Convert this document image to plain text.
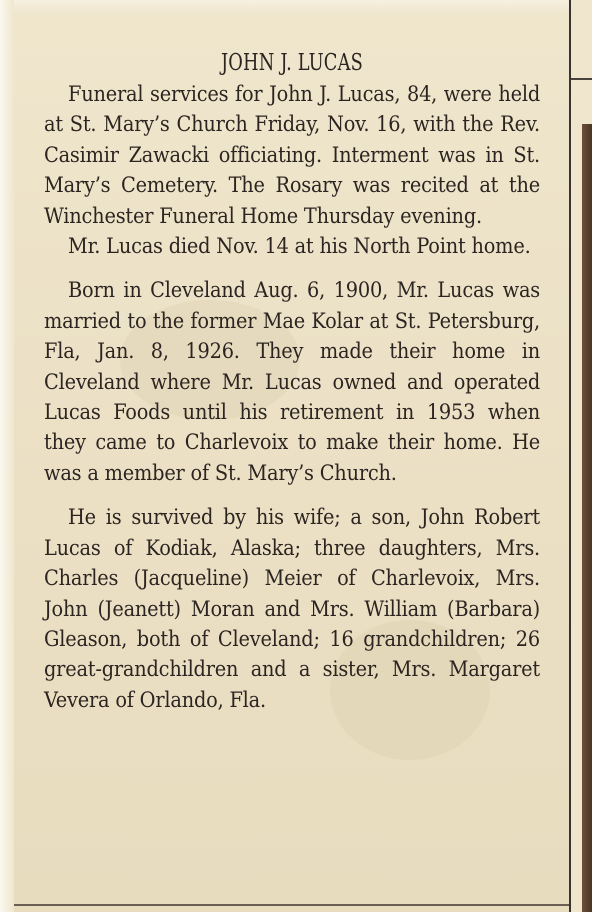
JOHN J. LUCAS

Funeral services for John J. Lucas, 84, were held at St. Mary’s Church Friday, Nov. 16, with the Rev. Casimir Zawacki officiating. Interment was in St. Mary’s Cemetery. The Rosary was recited at the Winchester Funeral Home Thursday evening.

Mr. Lucas died Nov. 14 at his North Point home.

Born in Cleveland Aug. 6, 1900, Mr. Lucas was married to the former Mae Kolar at St. Petersburg, Fla, Jan. 8, 1926. They made their home in Cleveland where Mr. Lucas owned and operated Lucas Foods until his retirement in 1953 when they came to Charlevoix to make their home. He was a member of St. Mary’s Church.

He is survived by his wife; a son, John Robert Lucas of Kodiak, Alaska; three daughters, Mrs. Charles (Jacqueline) Meier of Charlevoix, Mrs. John (Jeanett) Moran and Mrs. William (Barbara) Gleason, both of Cleveland; 16 grandchildren; 26 great-grandchildren and a sister, Mrs. Margaret Vevera of Orlando, Fla.
